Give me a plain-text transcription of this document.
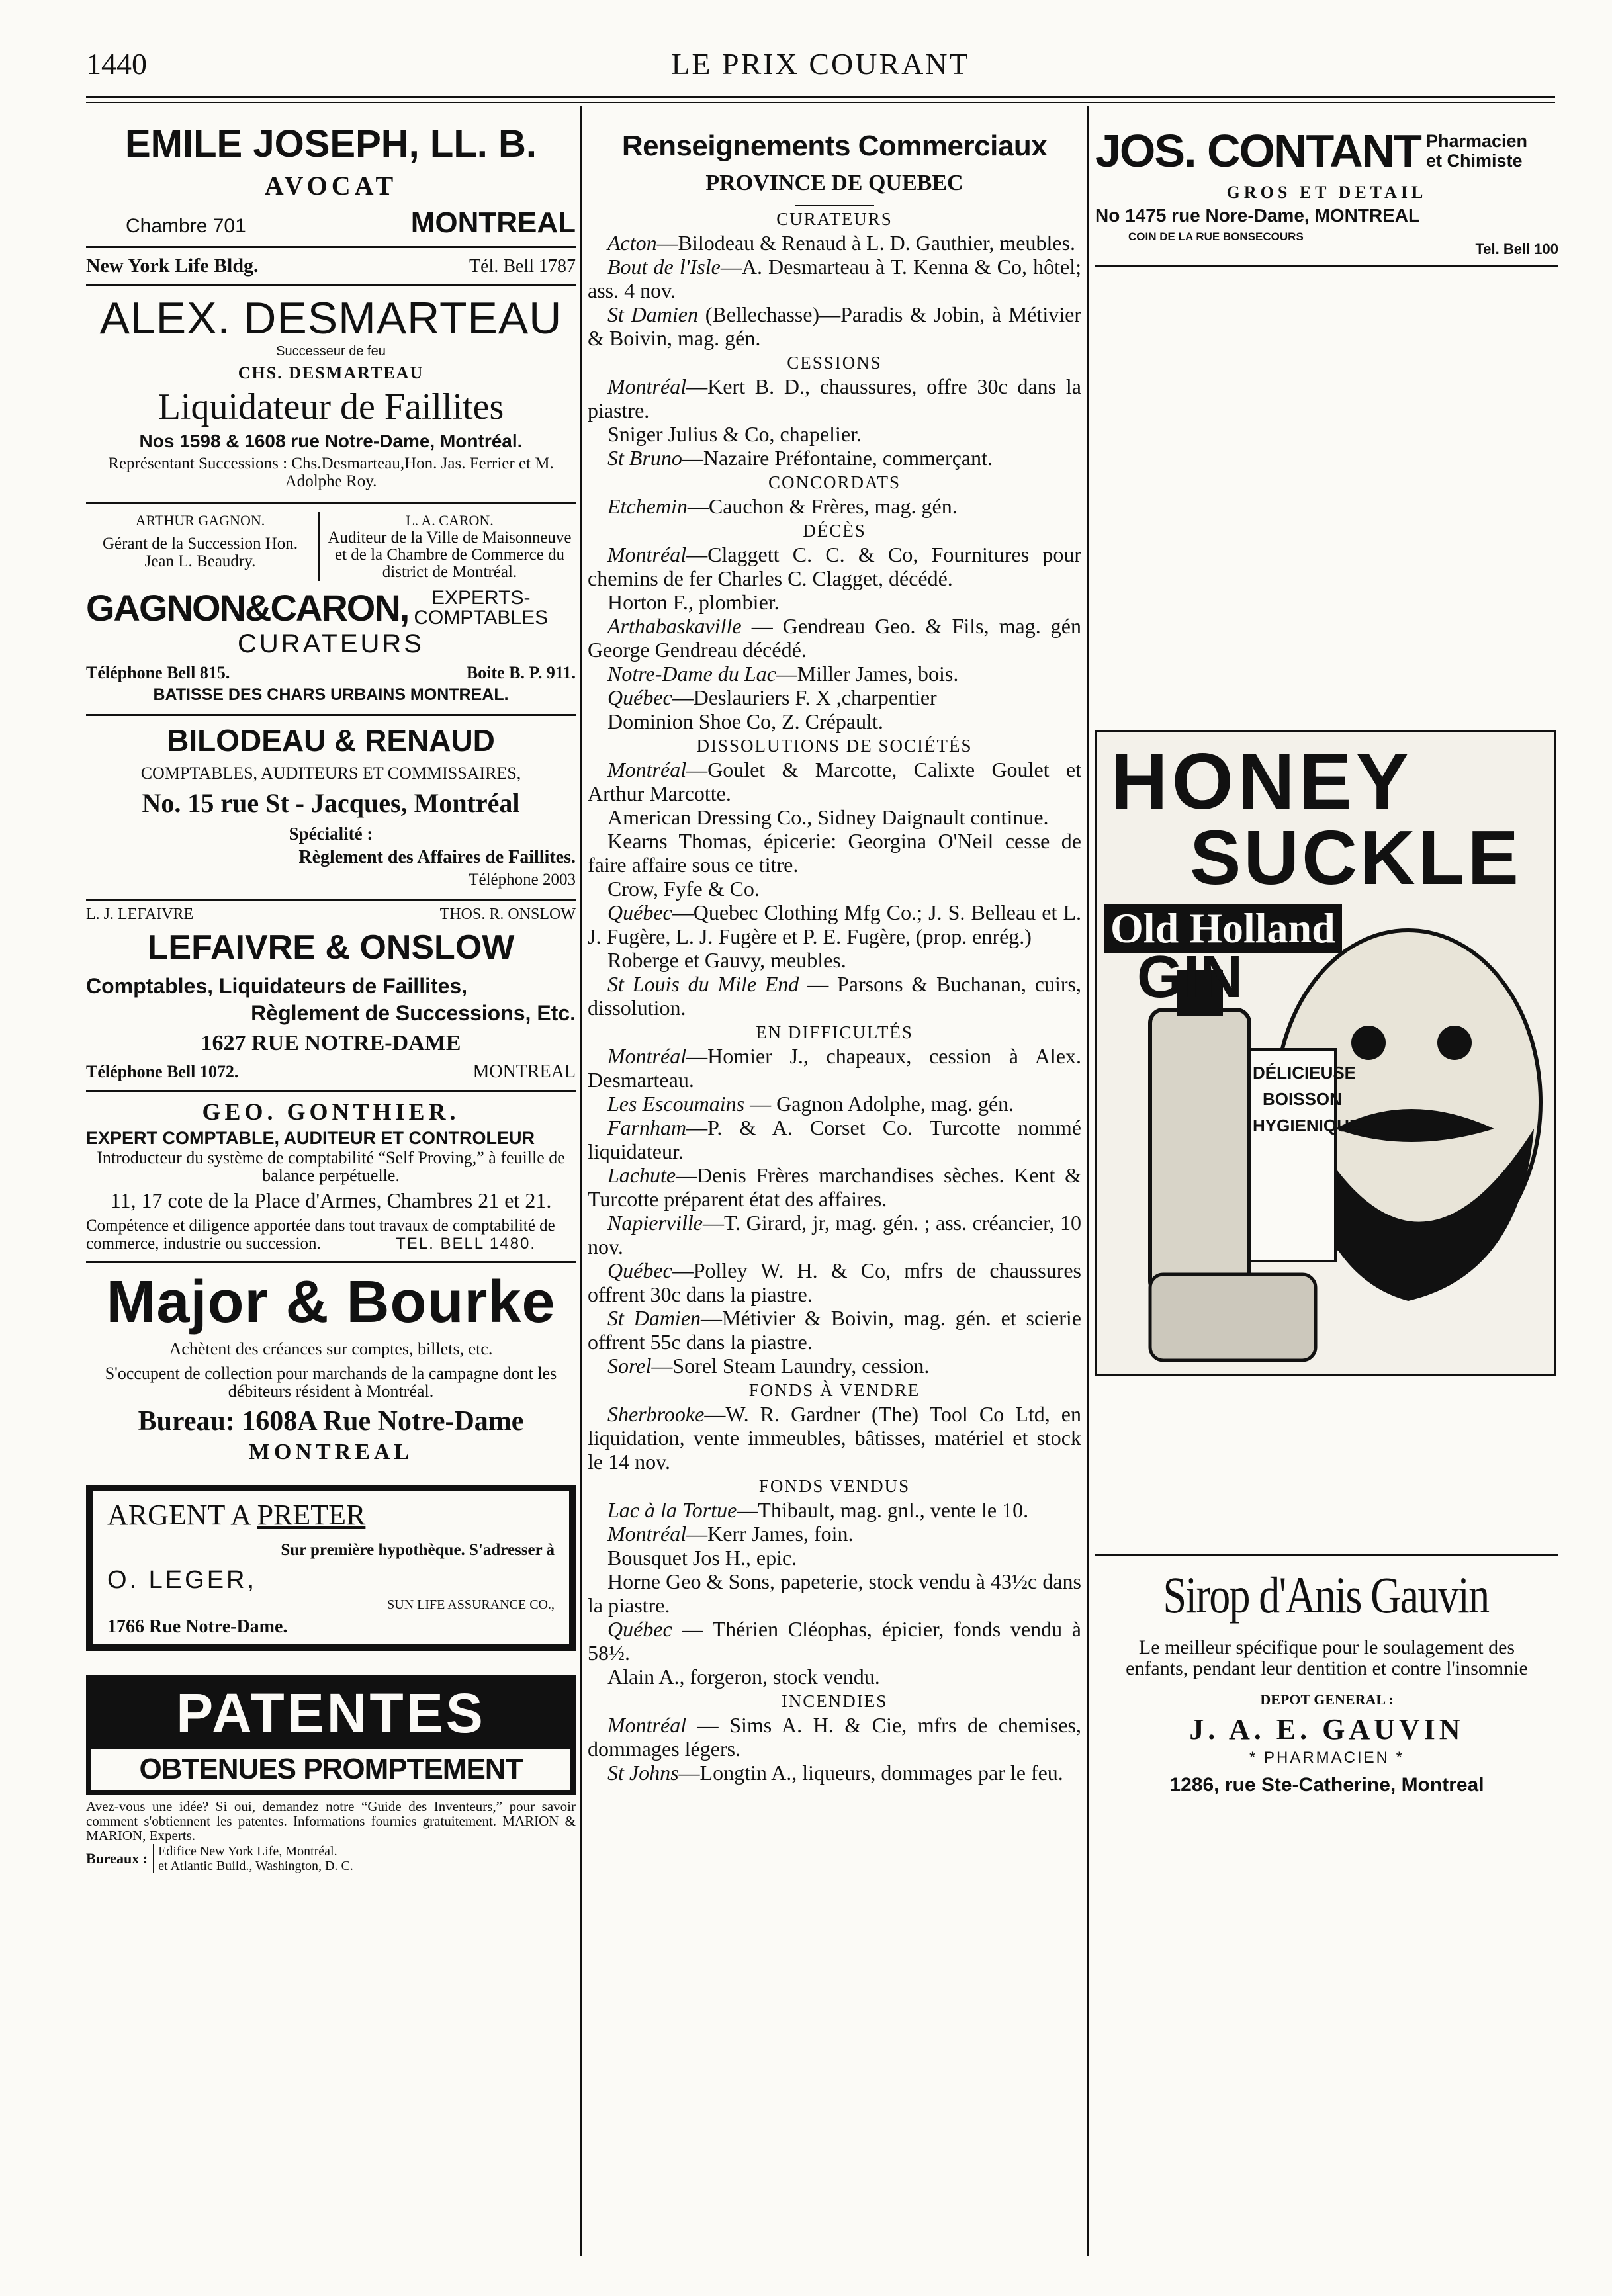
1440	LE PRIX COURANT
EMILE JOSEPH, LL. B.
AVOCAT
Chambre 701	MONTREAL
New York Life Bldg.	Tél. Bell 1787
ALEX. DESMARTEAU
Successeur de feu
CHS. DESMARTEAU
Liquidateur de Faillites
Nos 1598 & 1608 rue Notre-Dame, Montréal.
Représentant Successions : Chs.Desmarteau,Hon. Jas. Ferrier et M. Adolphe Roy.
ARTHUR GAGNON.
Gérant de la Succession Hon. Jean L. Beaudry.
L. A. CARON.
Auditeur de la Ville de Maisonneuve et de la Chambre de Commerce du district de Montréal.
GAGNON&CARON,	EXPERTS-
COMPTABLES
CURATEURS
Téléphone Bell 815.	Boite B. P. 911.
BATISSE DES CHARS URBAINS MONTREAL.
BILODEAU & RENAUD
COMPTABLES, AUDITEURS ET COMMISSAIRES,
No. 15 rue St - Jacques, Montréal
Spécialité :
Règlement des Affaires de Faillites.
Téléphone 2003
L. J. LEFAIVRE	THOS. R. ONSLOW
LEFAIVRE & ONSLOW
Comptables, Liquidateurs de Faillites,
Règlement de Successions, Etc.
1627 RUE NOTRE-DAME
Téléphone Bell 1072.	MONTREAL
GEO. GONTHIER.
EXPERT COMPTABLE, AUDITEUR ET CONTROLEUR
Introducteur du système de comptabilité “Self Proving,” à feuille de balance perpétuelle.
11, 17 cote de la Place d'Armes, Chambres 21 et 21.
Compétence et diligence apportée dans tout travaux de comptabilité de commerce, industrie ou succession.	TEL. BELL 1480.
Major & Bourke
Achètent des créances sur comptes, billets, etc.
S'occupent de collection pour marchands de la campagne dont les débiteurs résident à Montréal.
Bureau: 1608A Rue Notre-Dame
MONTREAL
ARGENT A PRETER
Sur première hypothèque. S'adresser à
O. LEGER,
SUN LIFE ASSURANCE CO.,
1766 Rue Notre-Dame.
PATENTES
OBTENUES PROMPTEMENT
Avez-vous une idée? Si oui, demandez notre “Guide des Inventeurs,” pour savoir comment s'obtiennent les patentes. Informations fournies gratuitement. MARION & MARION, Experts.
Bureaux : Edifice New York Life, Montréal.
et Atlantic Build., Washington, D. C.
Renseignements Commerciaux
PROVINCE DE QUEBEC
CURATEURS

Acton—Bilodeau & Renaud à L. D. Gauthier, meubles.

Bout de l'Isle—A. Desmarteau à T. Kenna & Co, hôtel; ass. 4 nov.

St Damien (Bellechasse)—Paradis & Jobin, à Métivier & Boivin, mag. gén.

CESSIONS

Montréal—Kert B. D., chaussures, offre 30c dans la piastre.

Sniger Julius & Co, chapelier.

St Bruno—Nazaire Préfontaine, commerçant.

CONCORDATS

Etchemin—Cauchon & Frères, mag. gén.

DÉCÈS

Montréal—Claggett C. C. & Co, Fournitures pour chemins de fer Charles C. Clagget, décédé.

Horton F., plombier.

Arthabaskaville — Gendreau Geo. & Fils, mag. gén George Gendreau décédé.

Notre-Dame du Lac—Miller James, bois.

Québec—Deslauriers F. X ,charpentier

Dominion Shoe Co, Z. Crépault.

DISSOLUTIONS DE SOCIÉTÉS

Montréal—Goulet & Marcotte, Calixte Goulet et Arthur Marcotte.

American Dressing Co., Sidney Daignault continue.

Kearns Thomas, épicerie: Georgina O'Neil cesse de faire affaire sous ce titre.

Crow, Fyfe & Co.

Québec—Quebec Clothing Mfg Co.; J. S. Belleau et L. J. Fugère, L. J. Fugère et P. E. Fugère, (prop. enrég.)

Roberge et Gauvy, meubles.

St Louis du Mile End — Parsons & Buchanan, cuirs, dissolution.

EN DIFFICULTÉS

Montréal—Homier J., chapeaux, cession à Alex. Desmarteau.

Les Escoumains — Gagnon Adolphe, mag. gén.

Farnham—P. & A. Corset Co. Turcotte nommé liquidateur.

Lachute—Denis Frères marchandises sèches. Kent & Turcotte préparent état des affaires.

Napierville—T. Girard, jr, mag. gén. ; ass. créancier, 10 nov.

Québec—Polley W. H. & Co, mfrs de chaussures offrent 30c dans la piastre.

St Damien—Métivier & Boivin, mag. gén. et scierie offrent 55c dans la piastre.

Sorel—Sorel Steam Laundry, cession.

FONDS À VENDRE

Sherbrooke—W. R. Gardner (The) Tool Co Ltd, en liquidation, vente immeubles, bâtisses, matériel et stock le 14 nov.

FONDS VENDUS

Lac à la Tortue—Thibault, mag. gnl., vente le 10.

Montréal—Kerr James, foin.

Bousquet Jos H., epic.

Horne Geo & Sons, papeterie, stock vendu à 43½c dans la piastre.

Québec — Thérien Cléophas, épicier, fonds vendu à 58½.

Alain A., forgeron, stock vendu.

INCENDIES

Montréal — Sims A. H. & Cie, mfrs de chemises, dommages légers.

St Johns—Longtin A., liqueurs, dommages par le feu.

JOS. CONTANT Pharmacien
et Chimiste
GROS ET DETAIL
No 1475 rue Nore-Dame, MONTREAL
COIN DE LA RUE BONSECOURS
Tel. Bell 100
HONEY
SUCKLE
Old Holland
GIN
DÉLICIEUSE
BOISSON
HYGIENIQUE
Sirop d'Anis Gauvin
Le meilleur spécifique pour le soulagement des enfants, pendant leur dentition et contre l'insomnie
DEPOT GENERAL :
J. A. E. GAUVIN
* PHARMACIEN *
1286, rue Ste-Catherine, Montreal
